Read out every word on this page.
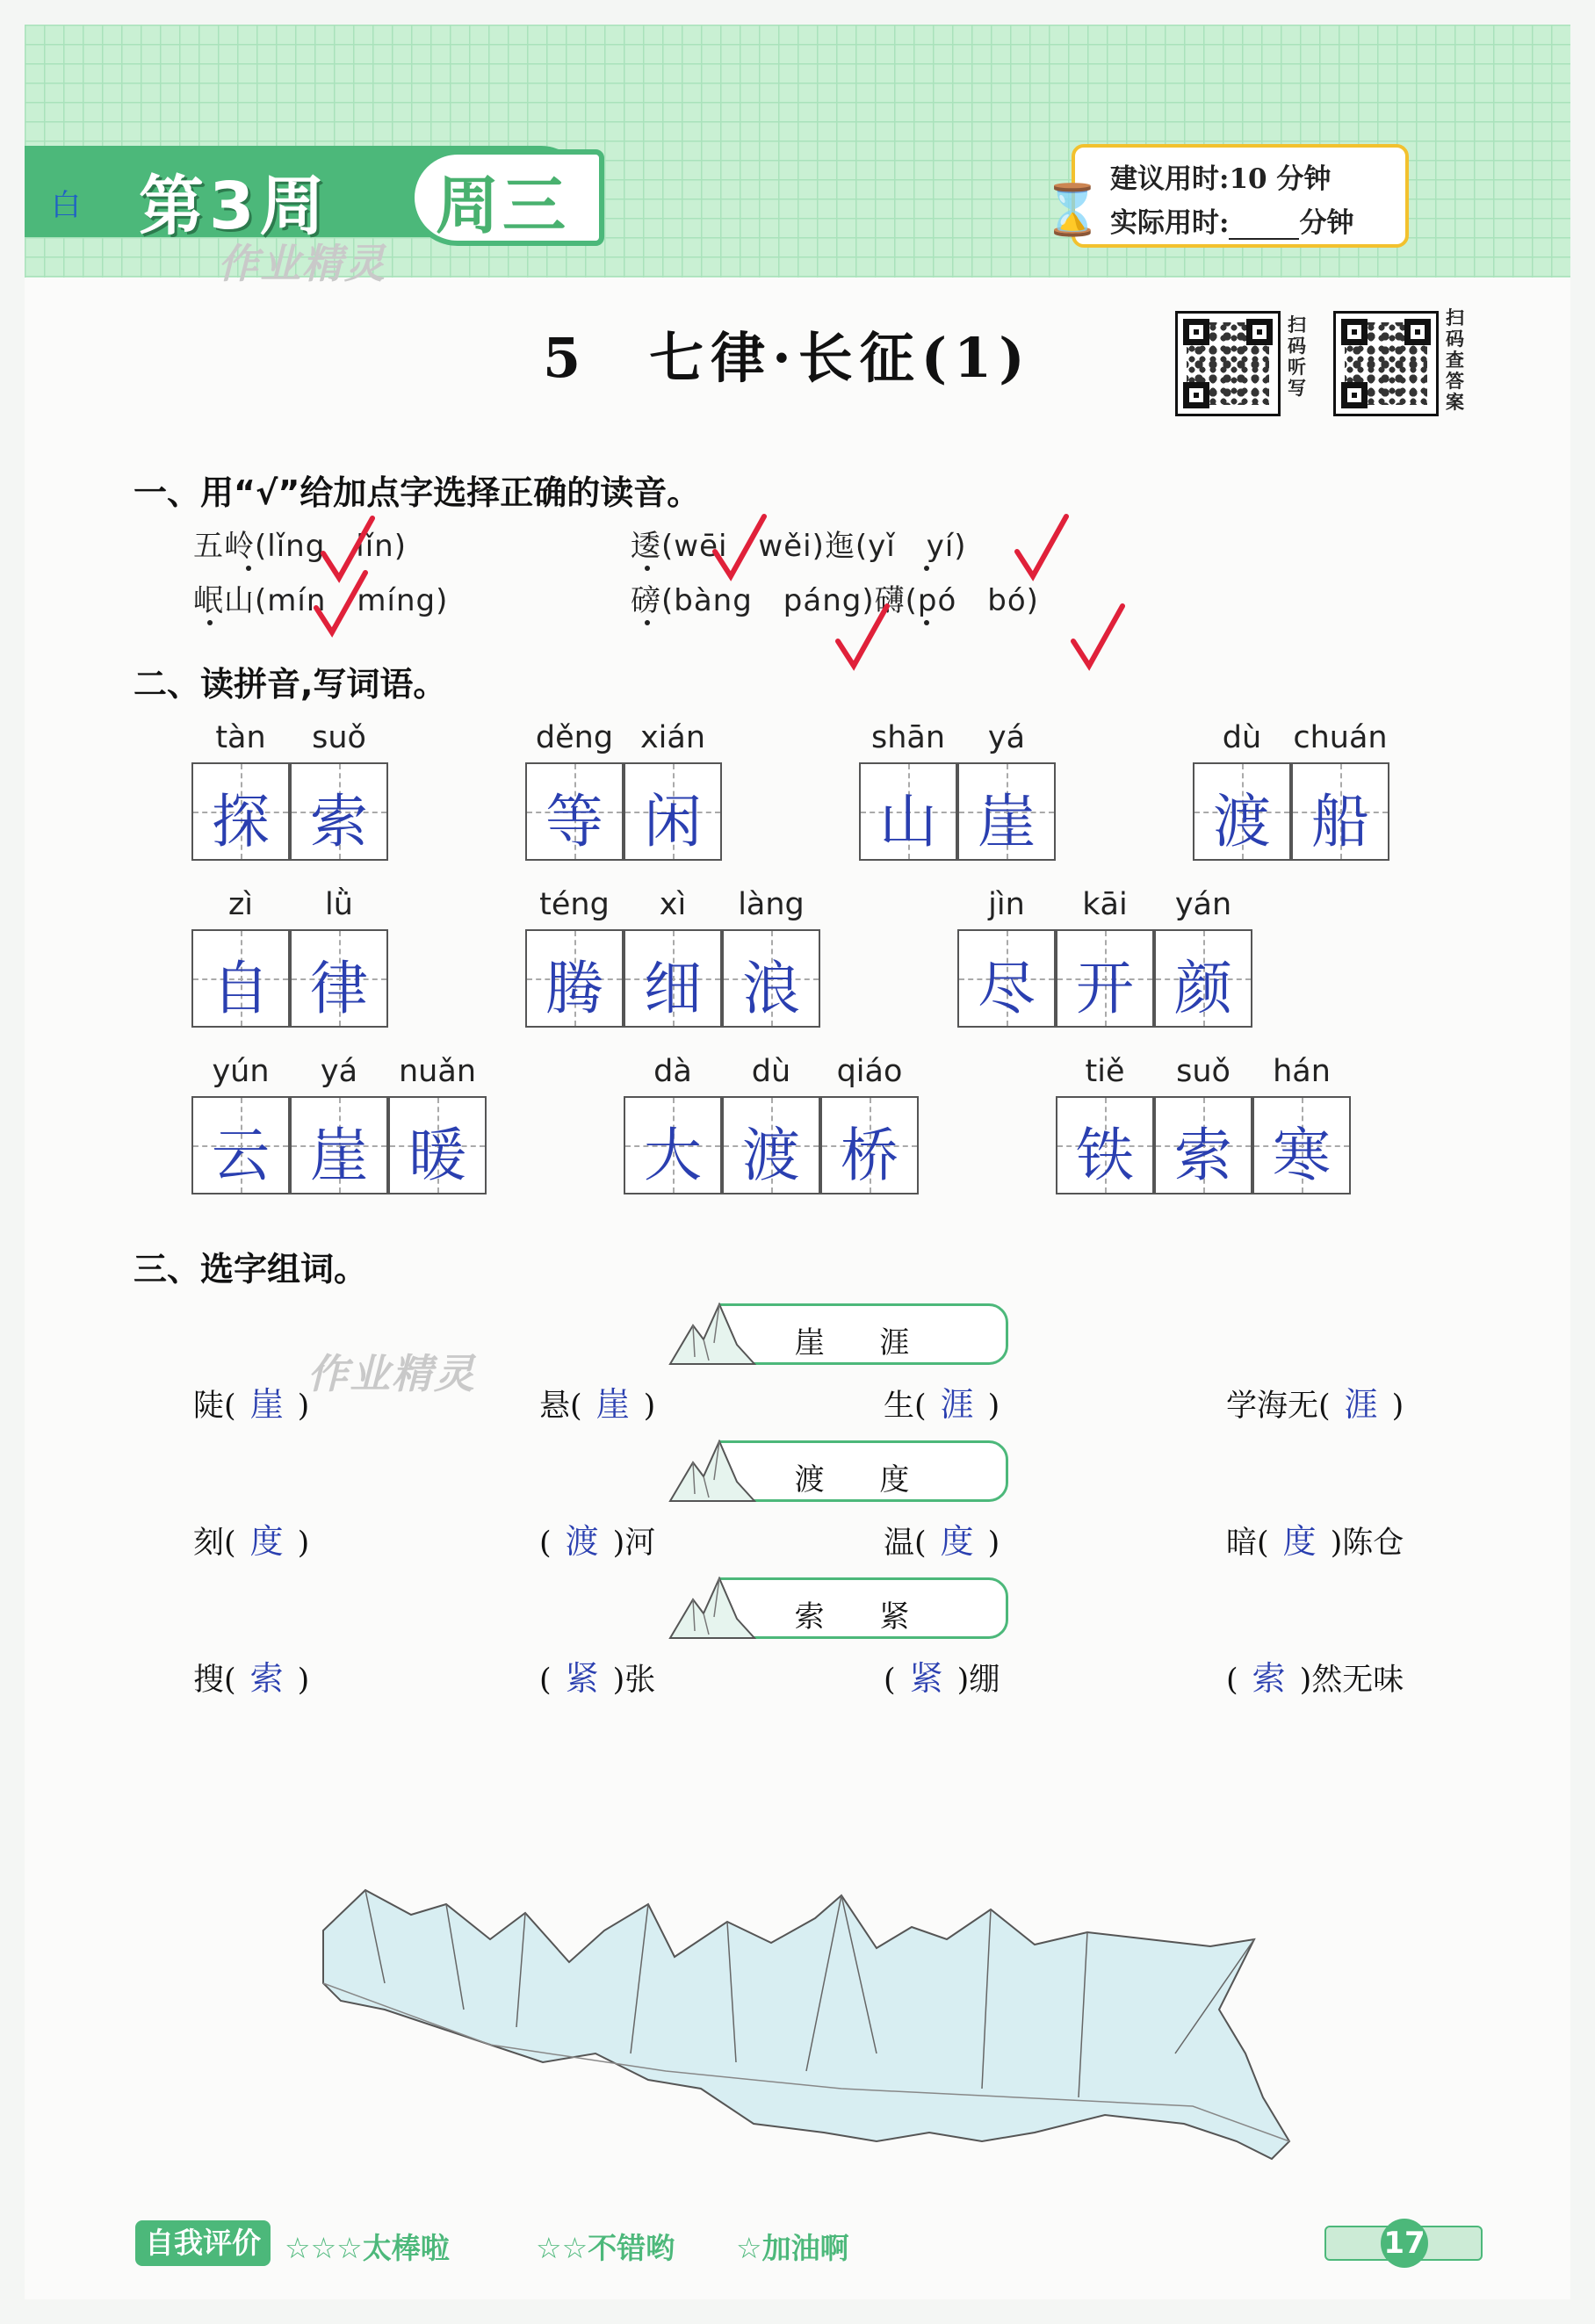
白 第3周 周三
作业精灵
⌛
建议用时:10 分钟
实际用时:	分钟
5　七律·长征(1)
扫码听写
扫码查答案
一、用“√”给加点字选择正确的读音。
五岭(lǐng　lǐn)
岷山(mín　míng)
逶(wēi　wěi)迤(yǐ　yí)
磅(bàng　páng)礴(pó　bó)
二、读拼音,写词语。
tàn	suǒ
探 索
děng xián
等 闲
shān	yá
山 崖
dù	chuán
渡 船
zì	lǜ
自 律
téng	xì	làng
腾 细 浪
jìn	kāi	yán
尽 开 颜
yún	yá	nuǎn
云 崖 暖
dà	dù	qiáo
大 渡 桥
tiě	suǒ	hán
铁 索 寒
三、选字组词。
作业精灵
崖 涯
陡( 崖 )	悬( 崖 )	生( 涯 )	学海无( 涯 )
渡 度
刻( 度 )	( 渡 )河	温( 度 )	暗( 度 )陈仓
索 紧
搜( 索 )	( 紧 )张	( 紧 )绷	( 索 )然无味
自我评价 ☆☆☆太棒啦	☆☆不错哟 ☆加油啊	17
